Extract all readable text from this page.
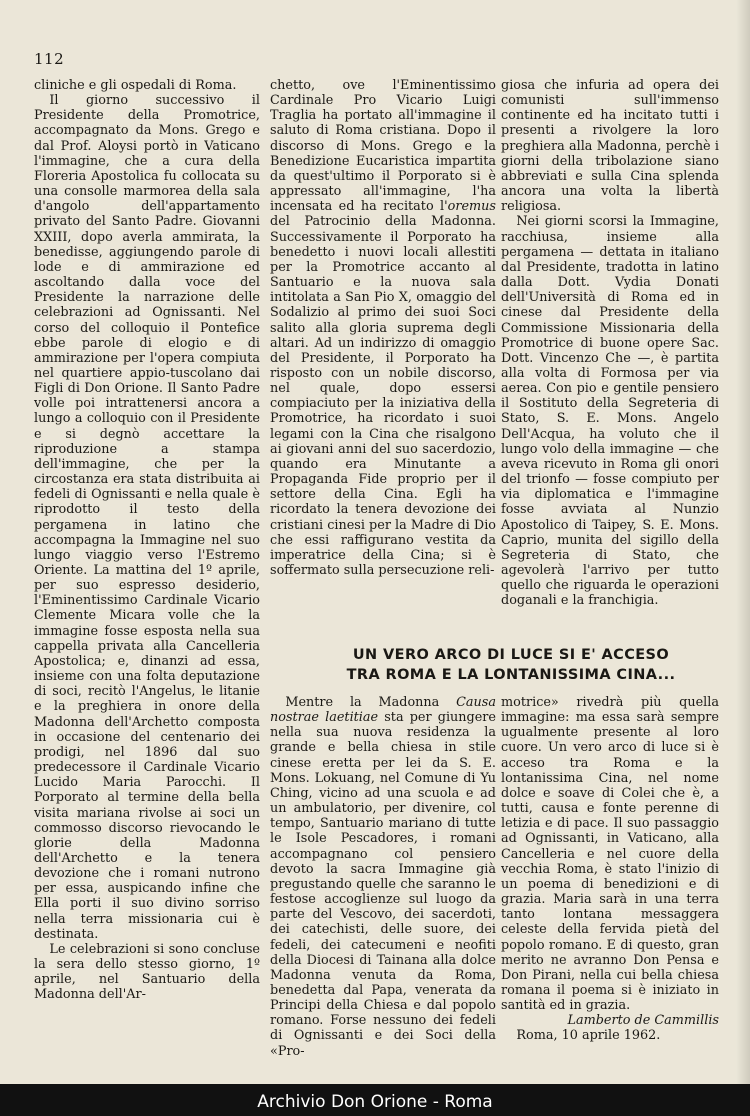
112

cliniche e gli ospedali di Roma.

Il giorno successivo il Presidente della Promotrice, accompagnato da Mons. Grego e dal Prof. Aloysi portò in Vaticano l'immagine, che a cura della Floreria Apostolica fu collocata su una consolle marmorea della sala d'angolo dell'appartamento privato del Santo Padre. Giovanni XXIII, dopo averla ammirata, la benedisse, aggiungendo parole di lode e di ammirazione ed ascoltando dalla voce del Presidente la narrazione delle celebrazioni ad Ognissanti. Nel corso del colloquio il Pontefice ebbe parole di elogio e di ammirazione per l'opera compiuta nel quartiere appio-tuscolano dai Figli di Don Orione. Il Santo Padre volle poi intrattenersi ancora a lungo a colloquio con il Presidente e si degnò accettare la riproduzione a stampa dell'immagine, che per la circostanza era stata distribuita ai fedeli di Ognissanti e nella quale è riprodotto il testo della pergamena in latino che accompagna la Immagine nel suo lungo viaggio verso l'Estremo Oriente. La mattina del 1º aprile, per suo espresso desiderio, l'Eminentissimo Cardinale Vicario Clemente Micara volle che la immagine fosse esposta nella sua cappella privata alla Cancelleria Apostolica; e, dinanzi ad essa, insieme con una folta deputazione di soci, recitò l'Angelus, le litanie e la preghiera in onore della Madonna dell'Archetto composta in occasione del centenario dei prodigi, nel 1896 dal suo predecessore il Cardinale Vicario Lucido Maria Parocchi. Il Porporato al termine della bella visita mariana rivolse ai soci un commosso discorso rievocando le glorie della Madonna dell'Archetto e la tenera devozione che i romani nutrono per essa, auspicando infine che Ella porti il suo divino sorriso nella terra missionaria cui è destinata.

Le celebrazioni si sono concluse la sera dello stesso giorno, 1º aprile, nel Santuario della Madonna dell'Ar-

chetto, ove l'Eminentissimo Cardinale Pro Vicario Luigi Traglia ha portato all'immagine il saluto di Roma cristiana. Dopo il discorso di Mons. Grego e la Benedizione Eucaristica impartita da quest'ultimo il Porporato si è appressato all'immagine, l'ha incensata ed ha recitato l'oremus del Patrocinio della Madonna. Successivamente il Porporato ha benedetto i nuovi locali allestiti per la Promotrice accanto al Santuario e la nuova sala intitolata a San Pio X, omaggio del Sodalizio al primo dei suoi Soci salito alla gloria suprema degli altari. Ad un indirizzo di omaggio del Presidente, il Porporato ha risposto con un nobile discorso, nel quale, dopo essersi compiaciuto per la iniziativa della Promotrice, ha ricordato i suoi legami con la Cina che risalgono ai giovani anni del suo sacerdozio, quando era Minutante a Propaganda Fide proprio per il settore della Cina. Egli ha ricordato la tenera devozione dei cristiani cinesi per la Madre di Dio che essi raffigurano vestita da imperatrice della Cina; si è soffermato sulla persecuzione reli-

giosa che infuria ad opera dei comunisti sull'immenso continente ed ha incitato tutti i presenti a rivolgere la loro preghiera alla Madonna, perchè i giorni della tribolazione siano abbreviati e sulla Cina splenda ancora una volta la libertà religiosa.

Nei giorni scorsi la Immagine, racchiusa, insieme alla pergamena — dettata in italiano dal Presidente, tradotta in latino dalla Dott. Vydia Donati dell'Università di Roma ed in cinese dal Presidente della Commissione Missionaria della Promotrice di buone opere Sac. Dott. Vincenzo Che —, è partita alla volta di Formosa per via aerea. Con pio e gentile pensiero il Sostituto della Segreteria di Stato, S. E. Mons. Angelo Dell'Acqua, ha voluto che il lungo volo della immagine — che aveva ricevuto in Roma gli onori del trionfo — fosse compiuto per via diplomatica e l'immagine fosse avviata al Nunzio Apostolico di Taipey, S. E. Mons. Caprio, munita del sigillo della Segreteria di Stato, che agevolerà l'arrivo per tutto quello che riguarda le operazioni doganali e la franchigia.

UN VERO ARCO DI LUCE SI E' ACCESO
TRA ROMA E LA LONTANISSIMA CINA...

Mentre la Madonna Causa nostrae laetitiae sta per giungere nella sua nuova residenza la grande e bella chiesa in stile cinese eretta per lei da S. E. Mons. Lokuang, nel Comune di Yu Ching, vicino ad una scuola e ad un ambulatorio, per divenire, col tempo, Santuario mariano di tutte le Isole Pescadores, i romani accompagnano col pensiero devoto la sacra Immagine già pregustando quelle che saranno le festose accoglienze sul luogo da parte del Vescovo, dei sacerdoti, dei catechisti, delle suore, dei fedeli, dei catecumeni e neofiti della Diocesi di Tainana alla dolce Madonna venuta da Roma, benedetta dal Papa, venerata da Principi della Chiesa e dal popolo romano. Forse nessuno dei fedeli di Ognissanti e dei Soci della «Pro-

motrice» rivedrà più quella immagine: ma essa sarà sempre ugualmente presente al loro cuore. Un vero arco di luce si è acceso tra Roma e la lontanissima Cina, nel nome dolce e soave di Colei che è, a tutti, causa e fonte perenne di letizia e di pace. Il suo passaggio ad Ognissanti, in Vaticano, alla Cancelleria e nel cuore della vecchia Roma, è stato l'inizio di un poema di benedizioni e di grazia. Maria sarà in una terra tanto lontana messaggera celeste della fervida pietà del popolo romano. E di questo, gran merito ne avranno Don Pensa e Don Pirani, nella cui bella chiesa romana il poema si è iniziato in santità ed in grazia.

Lamberto de Cammillis

Roma, 10 aprile 1962.

Archivio Don Orione - Roma
